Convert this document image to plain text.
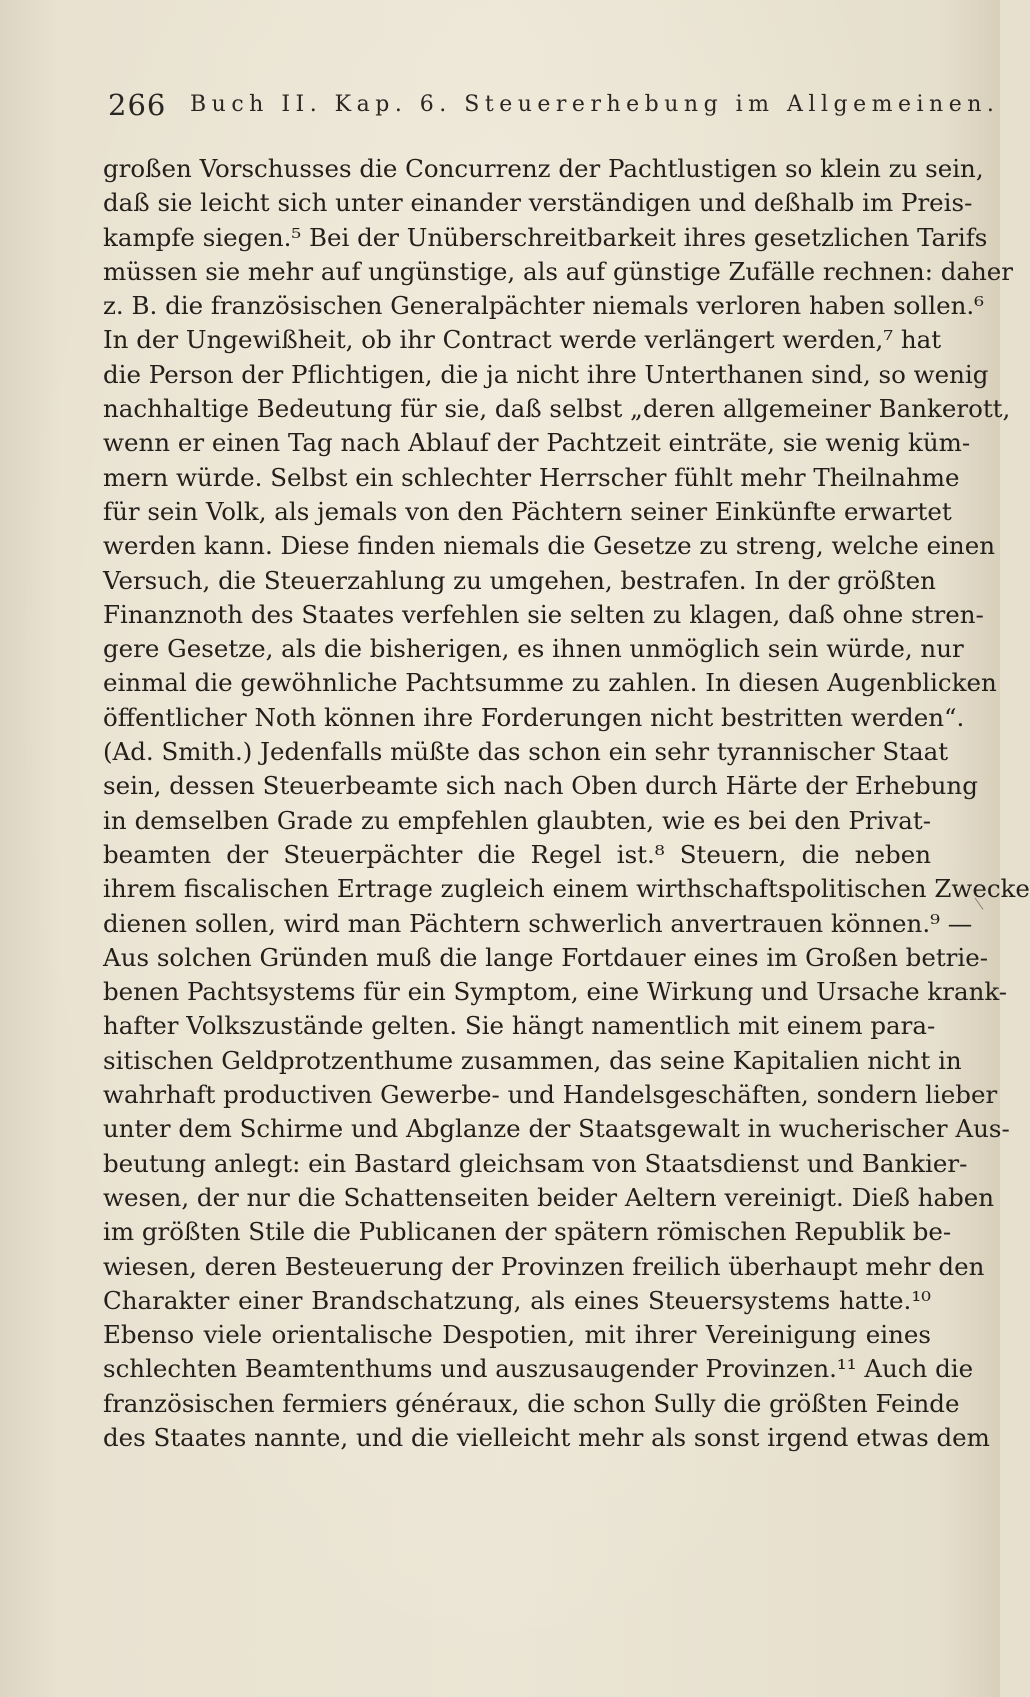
266 Buch II. Kap. 6. Steuererhebung im Allgemeinen.
großen Vorschusses die Concurrenz der Pachtlustigen so klein zu sein,
daß sie leicht sich unter einander verständigen und deßhalb im Preis-
kampfe siegen.⁵ Bei der Unüberschreitbarkeit ihres gesetzlichen Tarifs
müssen sie mehr auf ungünstige, als auf günstige Zufälle rechnen: daher
z. B. die französischen Generalpächter niemals verloren haben sollen.⁶
In der Ungewißheit, ob ihr Contract werde verlängert werden,⁷ hat
die Person der Pflichtigen, die ja nicht ihre Unterthanen sind, so wenig
nachhaltige Bedeutung für sie, daß selbst „deren allgemeiner Bankerott,
wenn er einen Tag nach Ablauf der Pachtzeit einträte, sie wenig küm-
mern würde. Selbst ein schlechter Herrscher fühlt mehr Theilnahme
für sein Volk, als jemals von den Pächtern seiner Einkünfte erwartet
werden kann. Diese finden niemals die Gesetze zu streng, welche einen
Versuch, die Steuerzahlung zu umgehen, bestrafen. In der größten
Finanznoth des Staates verfehlen sie selten zu klagen, daß ohne stren-
gere Gesetze, als die bisherigen, es ihnen unmöglich sein würde, nur
einmal die gewöhnliche Pachtsumme zu zahlen. In diesen Augenblicken
öffentlicher Noth können ihre Forderungen nicht bestritten werden“.
(Ad. Smith.) Jedenfalls müßte das schon ein sehr tyrannischer Staat
sein, dessen Steuerbeamte sich nach Oben durch Härte der Erhebung
in demselben Grade zu empfehlen glaubten, wie es bei den Privat-
beamten der Steuerpächter die Regel ist.⁸ Steuern, die neben
ihrem fiscalischen Ertrage zugleich einem wirthschaftspolitischen Zwecke
dienen sollen, wird man Pächtern schwerlich anvertrauen können.⁹ —
Aus solchen Gründen muß die lange Fortdauer eines im Großen betrie-
benen Pachtsystems für ein Symptom, eine Wirkung und Ursache krank-
hafter Volkszustände gelten. Sie hängt namentlich mit einem para-
sitischen Geldprotzenthume zusammen, das seine Kapitalien nicht in
wahrhaft productiven Gewerbe- und Handelsgeschäften, sondern lieber
unter dem Schirme und Abglanze der Staatsgewalt in wucherischer Aus-
beutung anlegt: ein Bastard gleichsam von Staatsdienst und Bankier-
wesen, der nur die Schattenseiten beider Aeltern vereinigt. Dieß haben
im größten Stile die Publicanen der spätern römischen Republik be-
wiesen, deren Besteuerung der Provinzen freilich überhaupt mehr den
Charakter einer Brandschatzung, als eines Steuersystems hatte.¹⁰
Ebenso viele orientalische Despotien, mit ihrer Vereinigung eines
schlechten Beamtenthums und auszusaugender Provinzen.¹¹ Auch die
französischen fermiers généraux, die schon Sully die größten Feinde
des Staates nannte, und die vielleicht mehr als sonst irgend etwas dem
